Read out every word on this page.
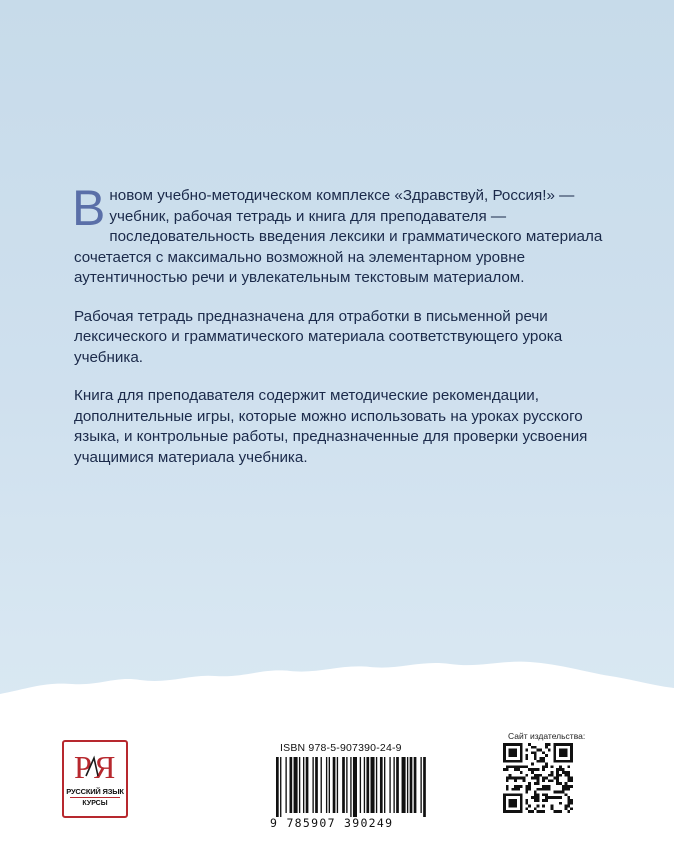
В новом учебно-методическом комплексе «Здравствуй, Россия!» — учебник, рабочая тетрадь и книга для преподавателя — последовательность введения лексики и грамматического материала сочетается с максимально возможной на элементарном уровне аутентичностью речи и увлекательным текстовым материалом.

Рабочая тетрадь предназначена для отработки в письменной речи лексического и грамматического материала соответствующего урока учебника.

Книга для преподавателя содержит методические рекомендации, дополнительные игры, которые можно использовать на уроках русского языка, и контрольные работы, предназначенные для проверки усвоения учащимися материала учебника.

Р Я
РУССКИЙ ЯЗЫК
КУРСЫ
ISBN 978-5-907390-24-9
9 785907 390249
Сайт издательства:
